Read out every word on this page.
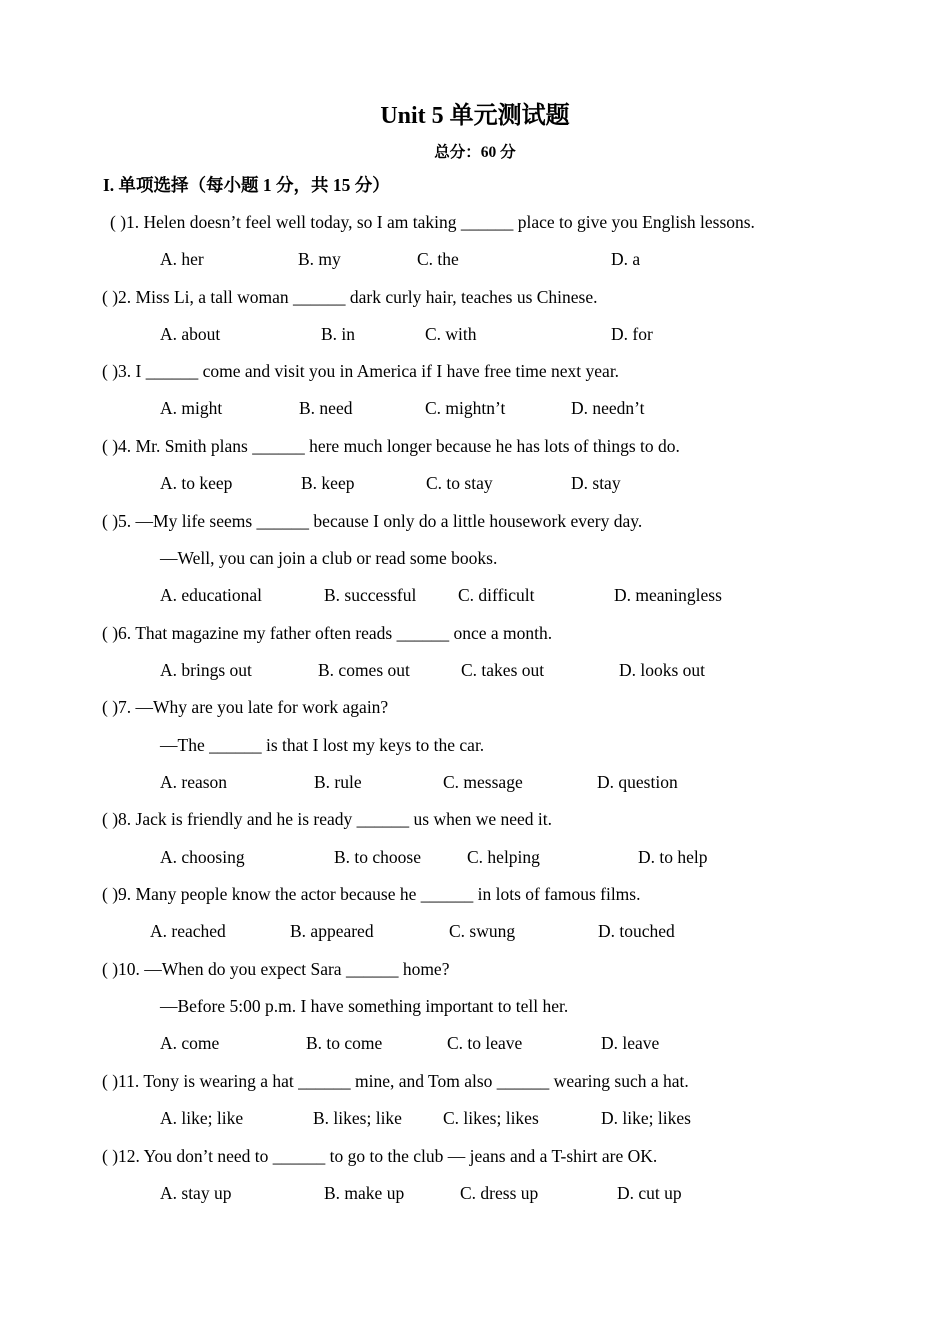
Unit 5 单元测试题
总分：60 分
I. 单项选择（每小题 1 分，共 15 分）
( )1. Helen doesn’t feel well today, so I am taking ______ place to give you English lessons.
A. her	B. my	C. the	D. a
( )2. Miss Li, a tall woman ______ dark curly hair, teaches us Chinese.
A. about	B. in	C. with	D. for
( )3. I ______ come and visit you in America if I have free time next year.
A. might	B. need	C. mightn’t	D. needn’t
( )4. Mr. Smith plans ______ here much longer because he has lots of things to do.
A. to keep	B. keep	C. to stay	D. stay
( )5. —My life seems ______ because I only do a little housework every day.
—Well, you can join a club or read some books.
A. educational	B. successful C. difficult	D. meaningless
( )6. That magazine my father often reads ______ once a month.
A. brings out	B. comes out	C. takes out	D. looks out
( )7. —Why are you late for work again?
—The ______ is that I lost my keys to the car.
A. reason	B. rule	C. message	D. question
( )8. Jack is friendly and he is ready ______ us when we need it.
A. choosing	B. to choose	C. helping	D. to help
( )9. Many people know the actor because he ______ in lots of famous films.
A. reached	B. appeared	C. swung	D. touched
( )10. —When do you expect Sara ______ home?
—Before 5:00 p.m. I have something important to tell her.
A. come	B. to come	C. to leave	D. leave
( )11. Tony is wearing a hat ______ mine, and Tom also ______ wearing such a hat.
A. like; like	B. likes; like C. likes; likes	D. like; likes
( )12. You don’t need to ______ to go to the club — jeans and a T-shirt are OK.
A. stay up	B. make up	C. dress up	D. cut up
